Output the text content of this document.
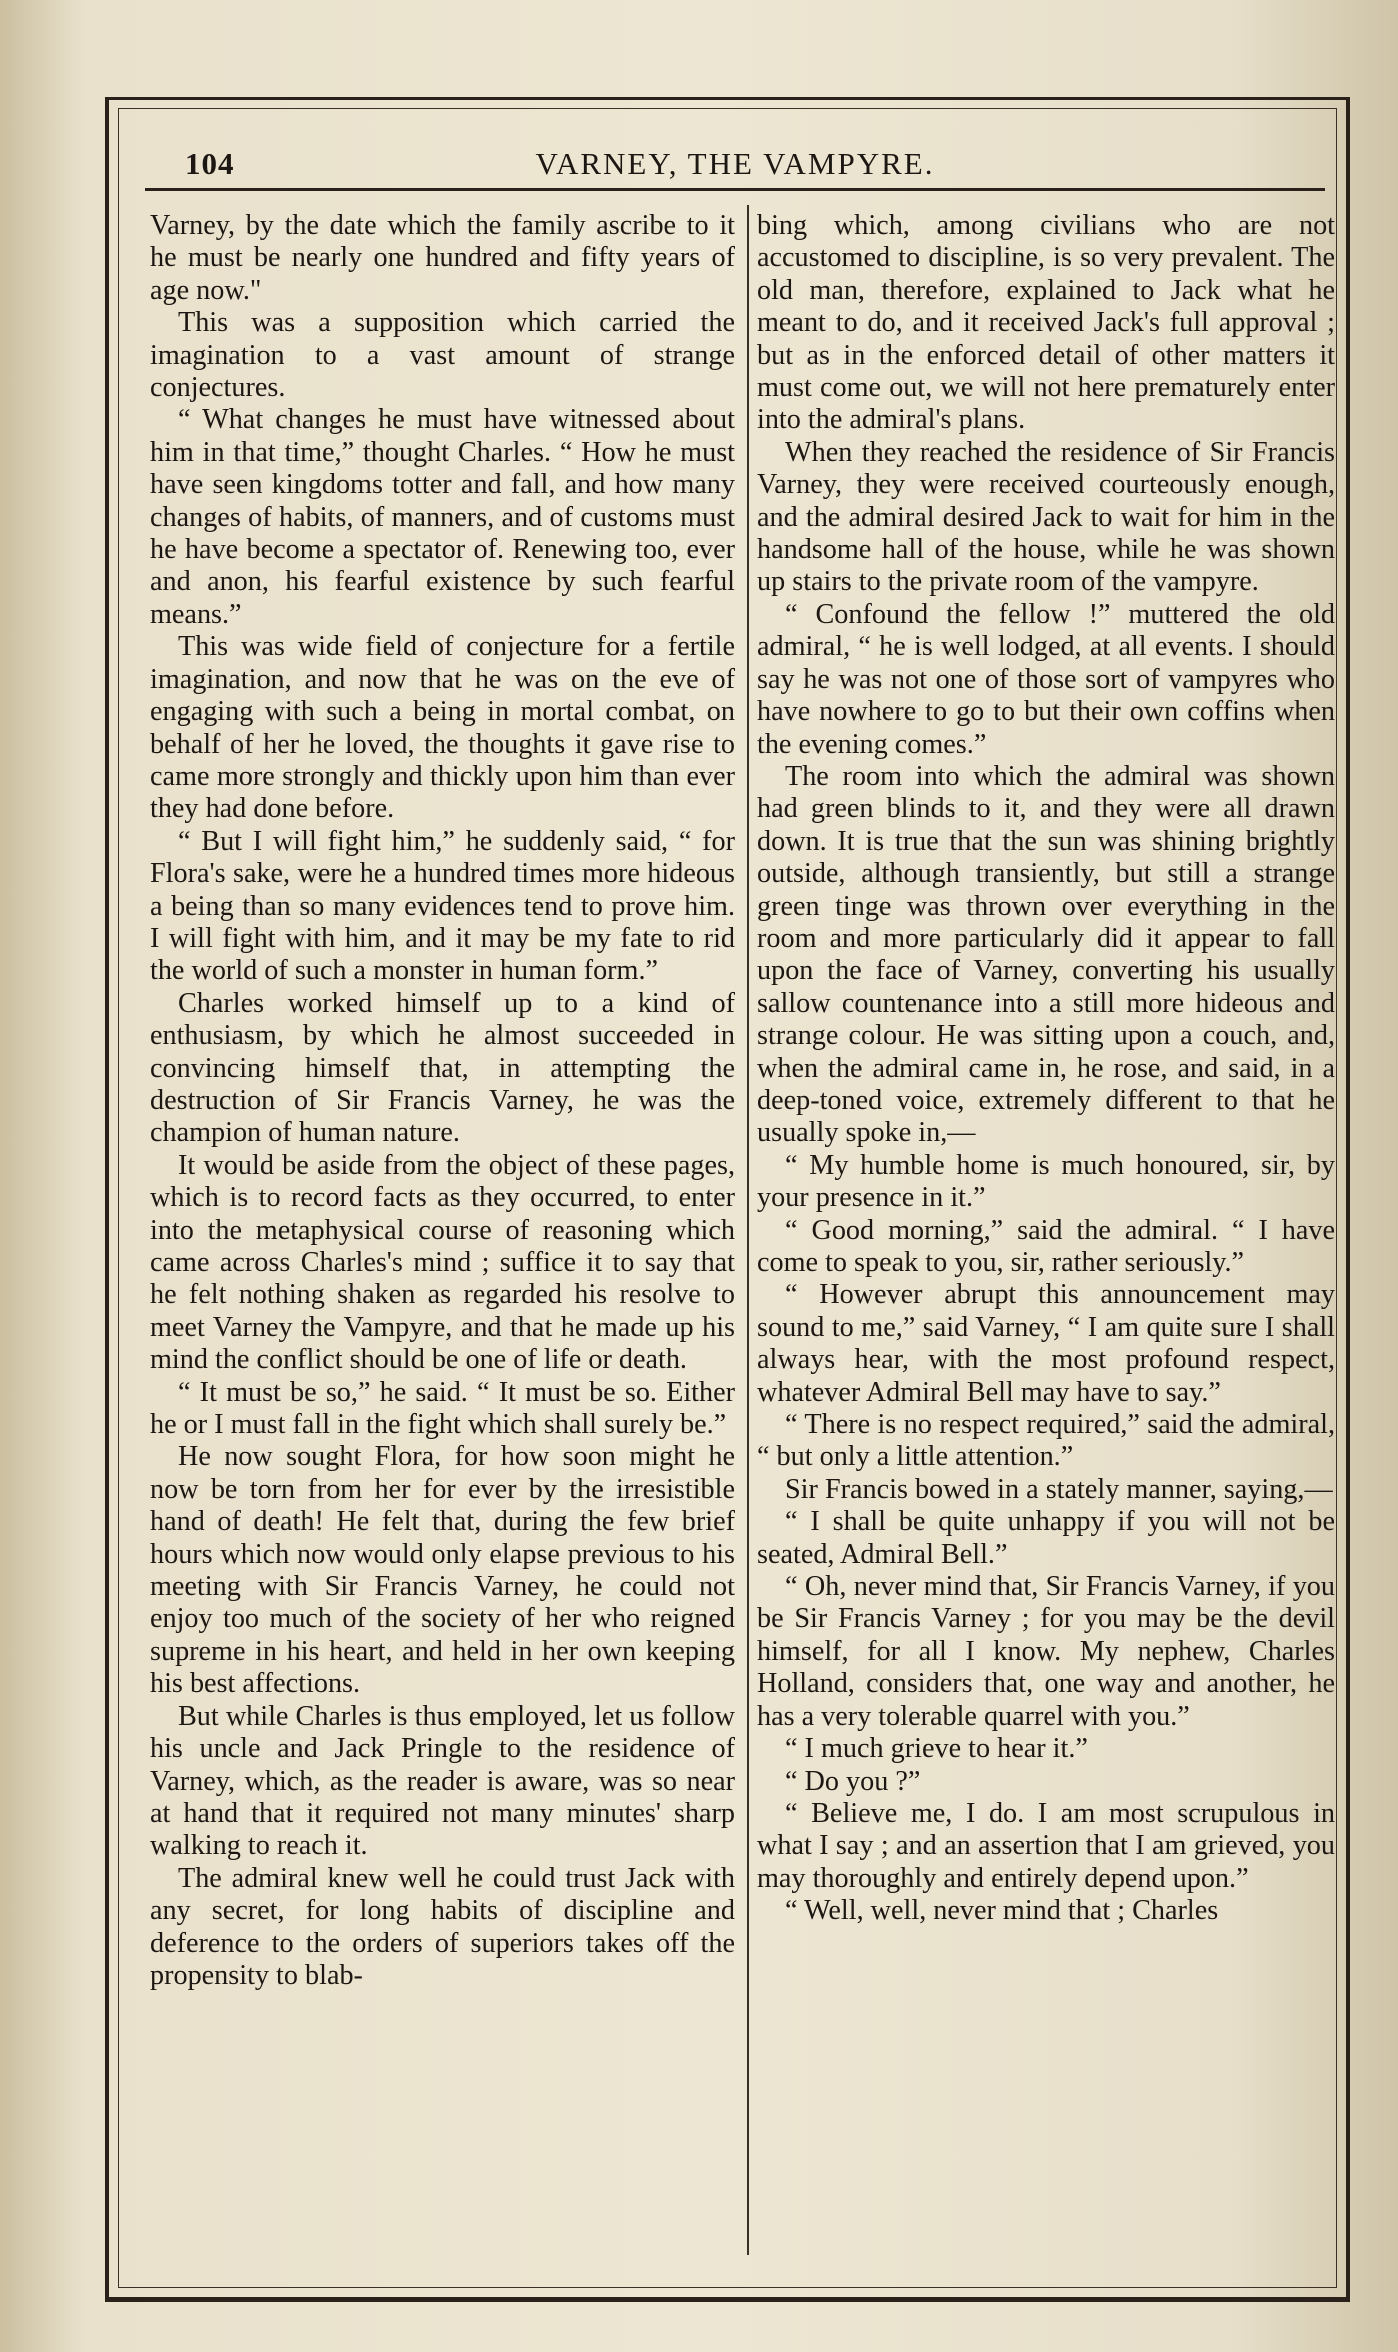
104	VARNEY, THE VAMPYRE.

Varney, by the date which the family ascribe to it he must be nearly one hundred and fifty years of age now."

This was a supposition which carried the imagination to a vast amount of strange conjectures.

“ What changes he must have witnessed about him in that time,” thought Charles. “ How he must have seen kingdoms totter and fall, and how many changes of habits, of manners, and of customs must he have become a spectator of. Renewing too, ever and anon, his fearful existence by such fearful means.”

This was wide field of conjecture for a fertile imagination, and now that he was on the eve of engaging with such a being in mortal combat, on behalf of her he loved, the thoughts it gave rise to came more strongly and thickly upon him than ever they had done before.

“ But I will fight him,” he suddenly said, “ for Flora's sake, were he a hundred times more hideous a being than so many evidences tend to prove him. I will fight with him, and it may be my fate to rid the world of such a monster in human form.”

Charles worked himself up to a kind of enthusiasm, by which he almost succeeded in convincing himself that, in attempting the destruction of Sir Francis Varney, he was the champion of human nature.

It would be aside from the object of these pages, which is to record facts as they occurred, to enter into the metaphysical course of reasoning which came across Charles's mind ; suffice it to say that he felt nothing shaken as regarded his resolve to meet Varney the Vampyre, and that he made up his mind the conflict should be one of life or death.

“ It must be so,” he said. “ It must be so. Either he or I must fall in the fight which shall surely be.”

He now sought Flora, for how soon might he now be torn from her for ever by the irresistible hand of death! He felt that, during the few brief hours which now would only elapse previous to his meeting with Sir Francis Varney, he could not enjoy too much of the society of her who reigned supreme in his heart, and held in her own keeping his best affections.

But while Charles is thus employed, let us follow his uncle and Jack Pringle to the residence of Varney, which, as the reader is aware, was so near at hand that it required not many minutes' sharp walking to reach it.

The admiral knew well he could trust Jack with any secret, for long habits of discipline and deference to the orders of superiors takes off the propensity to blab-

bing which, among civilians who are not accustomed to discipline, is so very prevalent. The old man, therefore, explained to Jack what he meant to do, and it received Jack's full approval ; but as in the enforced detail of other matters it must come out, we will not here prematurely enter into the admiral's plans.

When they reached the residence of Sir Francis Varney, they were received courteously enough, and the admiral desired Jack to wait for him in the handsome hall of the house, while he was shown up stairs to the private room of the vampyre.

“ Confound the fellow !” muttered the old admiral, “ he is well lodged, at all events. I should say he was not one of those sort of vampyres who have nowhere to go to but their own coffins when the evening comes.”

The room into which the admiral was shown had green blinds to it, and they were all drawn down. It is true that the sun was shining brightly outside, although transiently, but still a strange green tinge was thrown over everything in the room and more particularly did it appear to fall upon the face of Varney, converting his usually sallow countenance into a still more hideous and strange colour. He was sitting upon a couch, and, when the admiral came in, he rose, and said, in a deep-toned voice, extremely different to that he usually spoke in,—

“ My humble home is much honoured, sir, by your presence in it.”

“ Good morning,” said the admiral. “ I have come to speak to you, sir, rather seriously.”

“ However abrupt this announcement may sound to me,” said Varney, “ I am quite sure I shall always hear, with the most profound respect, whatever Admiral Bell may have to say.”

“ There is no respect required,” said the admiral, “ but only a little attention.”

Sir Francis bowed in a stately manner, saying,—

“ I shall be quite unhappy if you will not be seated, Admiral Bell.”

“ Oh, never mind that, Sir Francis Varney, if you be Sir Francis Varney ; for you may be the devil himself, for all I know. My nephew, Charles Holland, considers that, one way and another, he has a very tolerable quarrel with you.”

“ I much grieve to hear it.”

“ Do you ?”

“ Believe me, I do. I am most scrupulous in what I say ; and an assertion that I am grieved, you may thoroughly and entirely depend upon.”

“ Well, well, never mind that ; Charles
